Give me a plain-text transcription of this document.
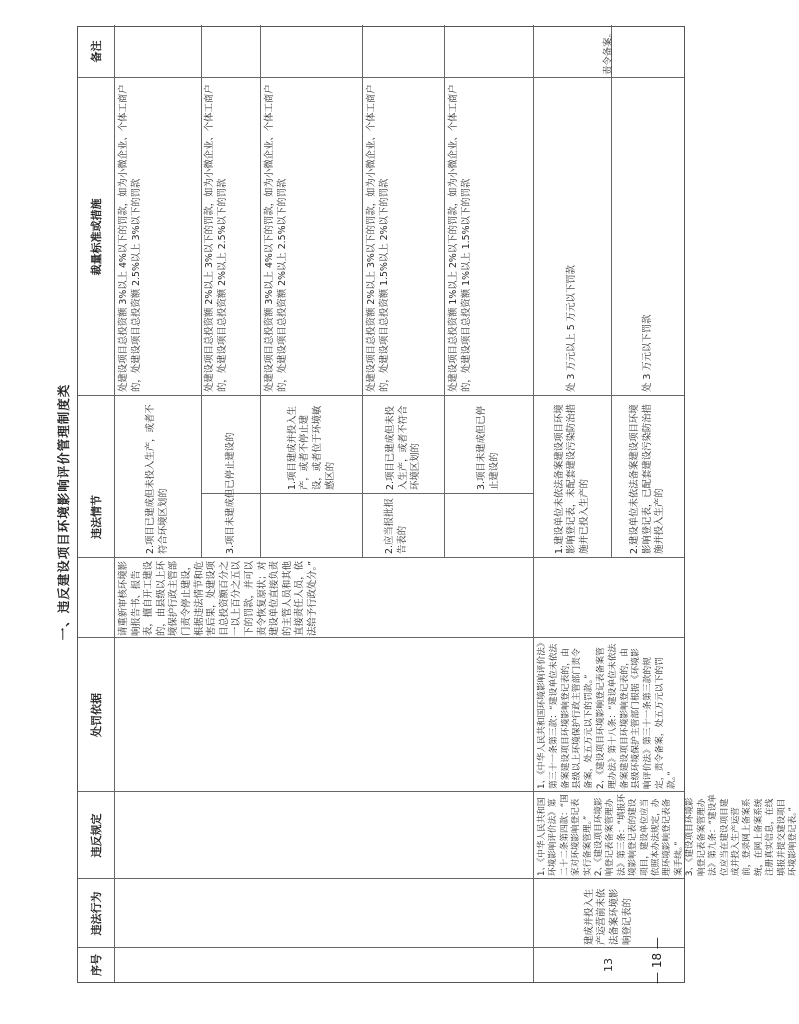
一、违反建设项目环境影响评价管理制度类
序号
违法行为
违反规定
处罚依据
违法情节
裁量标准或措施
备注
请重新审核环境影响报告书、报告表，擅自开工建设的，由县级以上环境保护行政主管部门责令停止建设，根据违法情节和危害后果，处建设项目总投资额百分之一以上百分之五以下的罚款，并可以责令恢复原状；对建设单位直接负责的主管人员和其他直接责任人员，依法给予行政处分。”
2.项目已建成但未投入生产，或者不符合环境区划的
处建设项目总投资额 3%以上 4%以下的罚款，如为小微企业、个体工商户的，处建设项目总投资额 2.5%以上 3%以下的罚款
3.项目未建成但已停止建设的
处建设项目总投资额 2%以上 3%以下的罚款，如为小微企业、个体工商户的，处建设项目总投资额 2%以上 2.5%以下的罚款
2.应当报批报告表的
1.项目建成并投入生产，或者不停止建设，或者位于环境敏感区的
处建设项目总投资额 3%以上 4%以下的罚款，如为小微企业、个体工商户的，处建设项目总投资额 2%以上 2.5%以下的罚款
2.项目已建成但未投入生产，或者不符合环境区划的
处建设项目总投资额 2%以上 3%以下的罚款，如为小微企业、个体工商户的，处建设项目总投资额 1.5%以上 2%以下的罚款
3.项目未建成但已停止建设的
处建设项目总投资额 1%以上 2%以下的罚款，如为小微企业、个体工商户的，处建设项目总投资额 1%以上 1.5%以下的罚款
13
建成并投入生产运营前未依法备案环境影响登记表的
1、《中华人民共和国环境影响评价法》第二十二条第四款：“国家对环境影响登记表实行备案管理。”
2、《建设项目环境影响登记表备案管理办法》第三条：“填报环境影响登记表的建设项目，建设单位应当依照本办法规定，办理环境影响登记表备案手续。”
3、《建设项目环境影响登记表备案管理办法》第九条：“建设单位应当在建设项目建成并投入生产运营前，登录网上备案系统，在网上备案系统注册真实信息，在线填报并提交建设项目环境影响登记表。”
1、《中华人民共和国环境影响评价法》第三十一条第三款：“建设单位未依法备案建设项目环境影响登记表的，由县级以上环境保护行政主管部门责令备案，处五万元以下的罚款。”
2、《建设项目环境影响登记表备案管理办法》第十八条：“建设单位未依法备案建设项目环境影响登记表的，由县级环境保护主管部门根据《环境影响评价法》第三十一条第三款的规定，责令备案，处五万元以下的罚款。”
1.建设单位未依法备案建设项目环境影响登记表，未配套建设污染防治措施并已投入生产的
处 3 万元以上 5 万元以下罚款
2.建设单位未依法备案建设项目环境影响登记表，已配套建设污染防治措施并投入生产的
处 3 万元以下罚款
责令备案。
— 18 —
